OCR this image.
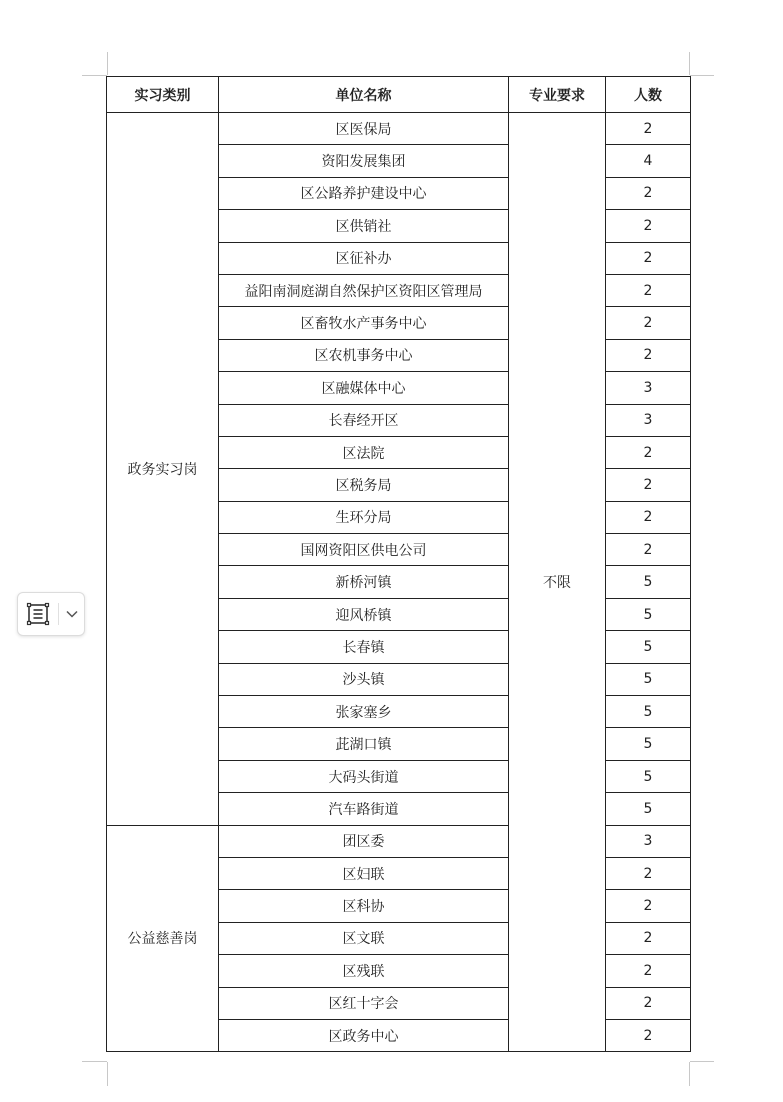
实习类别	单位名称	专业要求	人数
政务实习岗	区医保局	不限	2
	资阳发展集团		4
	区公路养护建设中心		2
	区供销社		2
	区征补办		2
	益阳南洞庭湖自然保护区资阳区管理局		2
	区畜牧水产事务中心		2
	区农机事务中心		2
	区融媒体中心		3
	长春经开区		3
	区法院		2
	区税务局		2
	生环分局		2
	国网资阳区供电公司		2
	新桥河镇		5
	迎风桥镇		5
	长春镇		5
	沙头镇		5
	张家塞乡		5
	茈湖口镇		5
	大码头街道		5
	汽车路街道		5
公益慈善岗	团区委		3
	区妇联		2
	区科协		2
	区文联		2
	区残联		2
	区红十字会		2
	区政务中心		2
